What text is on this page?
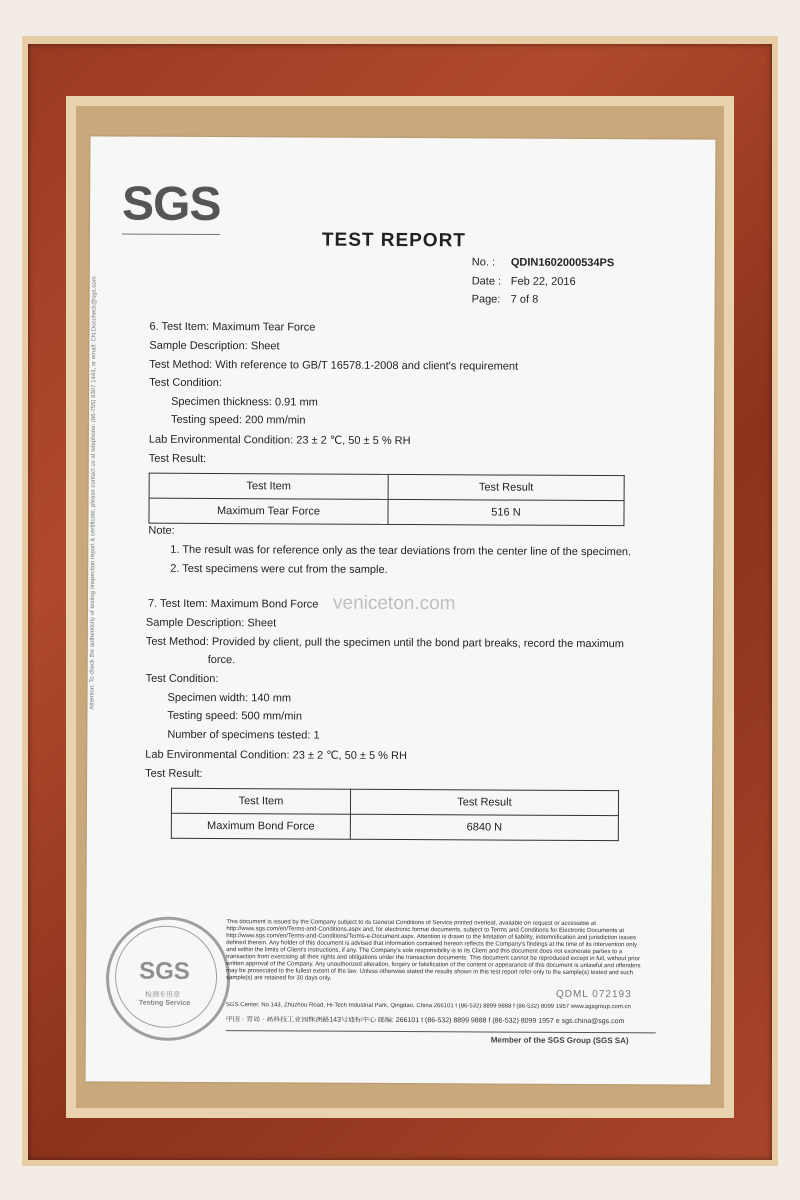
Attention: To check the authenticity of testing /inspection report & certificate, please contact us at telephone: (86-755) 8307 1443, or email: CN.Doccheck@sgs.com
SGS
TEST REPORT
No. : QDIN1602000534PS
Date : Feb 22, 2016
Page: 7 of 8
6. Test Item: Maximum Tear Force
Sample Description: Sheet
Test Method: With reference to GB/T 16578.1-2008 and client's requirement
Test Condition:
Specimen thickness: 0.91 mm
Testing speed: 200 mm/min
Lab Environmental Condition: 23 ± 2 ℃, 50 ± 5 % RH
Test Result:
Test Item	Test Result
Maximum Tear Force	516 N
Note:
1. The result was for reference only as the tear deviations from the center line of the specimen.
2. Test specimens were cut from the sample.
veniceton.com
7. Test Item: Maximum Bond Force
Sample Description: Sheet
Test Method: Provided by client, pull the specimen until the bond part breaks, record the maximum
force.
Test Condition:
Specimen width: 140 mm
Testing speed: 500 mm/min
Number of specimens tested: 1
Lab Environmental Condition: 23 ± 2 ℃, 50 ± 5 % RH
Test Result:
Test Item	Test Result
Maximum Bond Force	6840 N
SGS
检测专用章
Testing Service
This document is issued by the Company subject to its General Conditions of Service printed overleaf, available on request or accessible at http://www.sgs.com/en/Terms-and-Conditions.aspx and, for electronic format documents, subject to Terms and Conditions for Electronic Documents at http://www.sgs.com/en/Terms-and-Conditions/Terms-e-Document.aspx. Attention is drawn to the limitation of liability, indemnification and jurisdiction issues defined therein. Any holder of this document is advised that information contained hereon reflects the Company's findings at the time of its intervention only and within the limits of Client's instructions, if any. The Company's sole responsibility is to its Client and this document does not exonerate parties to a transaction from exercising all their rights and obligations under the transaction documents. This document cannot be reproduced except in full, without prior written approval of the Company. Any unauthorized alteration, forgery or falsification of the content or appearance of this document is unlawful and offenders may be prosecuted to the fullest extent of the law. Unless otherwise stated the results shown in this test report refer only to the sample(s) tested and such sample(s) are retained for 30 days only.
QDML 072193
SGS Center, No.143, Zhuzhou Road, Hi-Tech Industrial Park, Qingdao, China 266101 t (86-532) 8899 9888 f (86-532) 8099 1957 www.sgsgroup.com.cn
中国 · 青岛 · 高科技工业园株洲路143号通标中心 邮编: 266101 t (86-532) 8899 9888 f (86-532) 8099 1957 e sgs.china@sgs.com
Member of the SGS Group (SGS SA)
